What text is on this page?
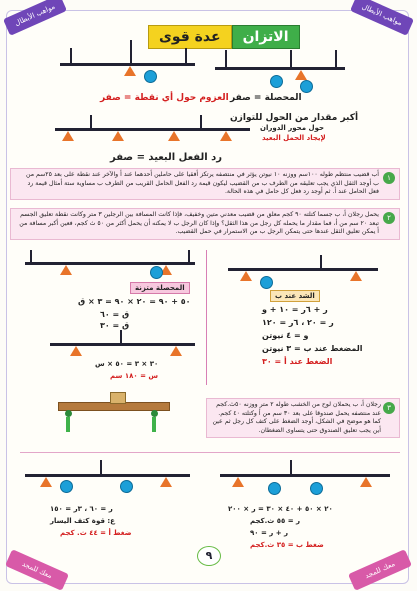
مواهب الأبطال	مواهب الأبطال
معك للمجد	معك للمجد
عدة قوى	الاتزان
المحصلة = صفر
العزوم حول أي نقطة = صفر
أكبر مقدار من الحول للتوازن
حول محور الدوران
لإيجاد الحمل البعيد
رد الفعل البعيد = صفر
١
أب قضيب منتظم طوله ١٠٠سم ووزنه ١٠ نيوتن يؤثر في منتصفه يرتكز أفقيا على حاملين أحدهما عند أ والآخر عند نقطة على بعد ٢٥سم من ب أوجد الثقل الذي يجب تعليقه من الطرف ب من القضيب ليكون قيمة رد الفعل الحامل القريب من الطرف ب مساوية ستة أمثال قيمة رد فعل الحامل عند أ. ثم أوجد رد فعل كل حامل في هذه الحالة.
٢
يحمل رجلان أ، ب جسما كتلته ٩٠ كجم معلق من قضيب معدني متين وخفيف، فإذا كانت المسافة بين الرجلين ٣ متر وكانت نقطة تعليق الجسم تبعد ٢٠ سم من أ، فما مقدار ما يحمله كل رجل من هذا الثقل؟ وإذا كان الرجل ب لا يمكنه أن يحمل أكثر من ٥٠ ث كجم، فعين أكبر مسافة من أ يمكن تعليق الثقل عندها حتى يتمكن الرجل ب من الاستمرار في حمل القضيب.
المحصلة متزنة
٥٠ + ٩٠ = ٢٠ × ٩٠ = ٣ × ق
ق = ٦٠
ق = ٣٠
الشد عند ب
ر + ٦ر = ١٠ + و
ر = ٢٠ ، ٦ر = ١٢٠
و = ٤ نيوتن
المضغط عند ب = ٣ نيوتن
الضغط عند أ = ٣٠
٣٠ × ٣ = ٥٠ × س
س = ١٨٠ سم
٣
رجلان أ، ب يحملان لوح من الخشب طوله ٢ متر ووزنه ٥٠ث.كجم عند منتصفه يحمل صندوقا على بعد ٣٠ سم من أ وكتلته ٤٠ كجم. كما هو موضح في الشكل، أوجد الضغط على كتف كل رجل ثم عين أين يجب تعليق الصندوق حتى يتساوى الضغطان.
ر = ٦٠ ، ٣ر = ١٥٠
ع: قوة كتف اليسار
ضغط أ = ٤٤ ث. كجم
٢٠ × ٥٠ + ٤٠ × ٣٠ = ر × ٢٠٠
ر = ٥٥ ث.كجم
ر + ر = ٩٠
ضغط ب = ٣٥ ث.كجم
٩
